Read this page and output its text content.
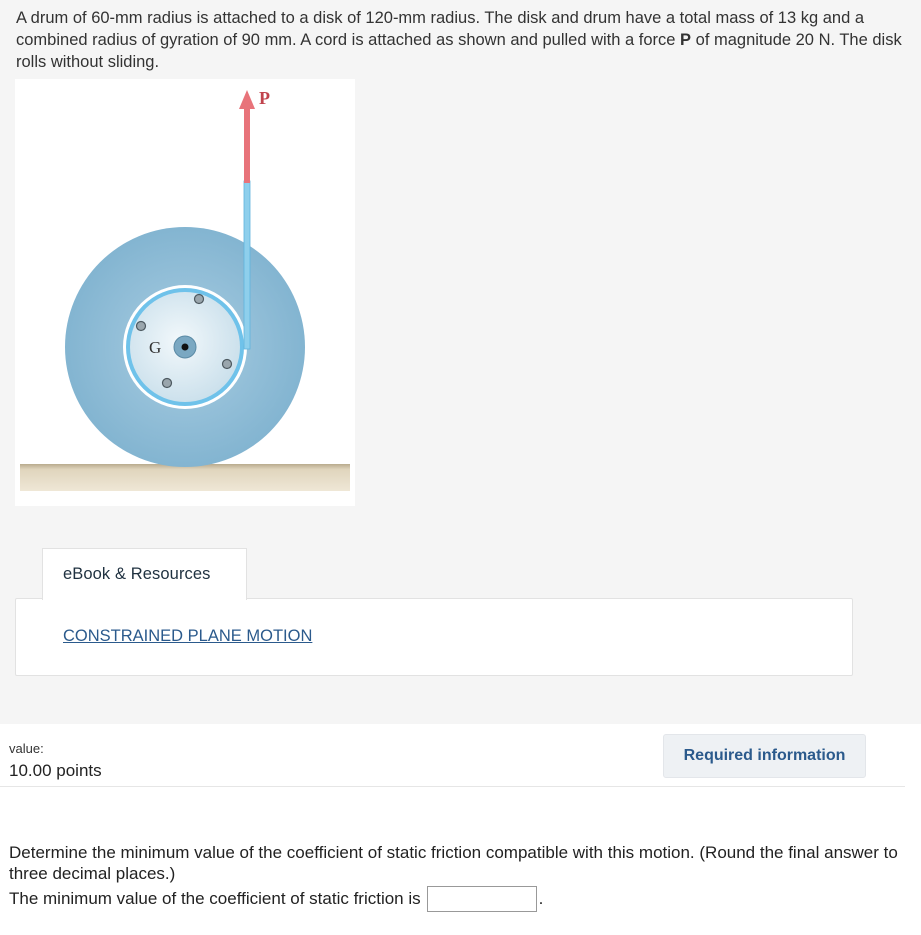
A drum of 60-mm radius is attached to a disk of 120-mm radius. The disk and drum have a total mass of 13 kg and a combined radius of gyration of 90 mm. A cord is attached as shown and pulled with a force P of magnitude 20 N. The disk rolls without sliding.

G
P
CONSTRAINED PLANE MOTION
eBook & Resources
value:
10.00 points
Required information

Determine the minimum value of the coefficient of static friction compatible with this motion. (Round the final answer to three decimal places.)

The minimum value of the coefficient of static friction is	.
